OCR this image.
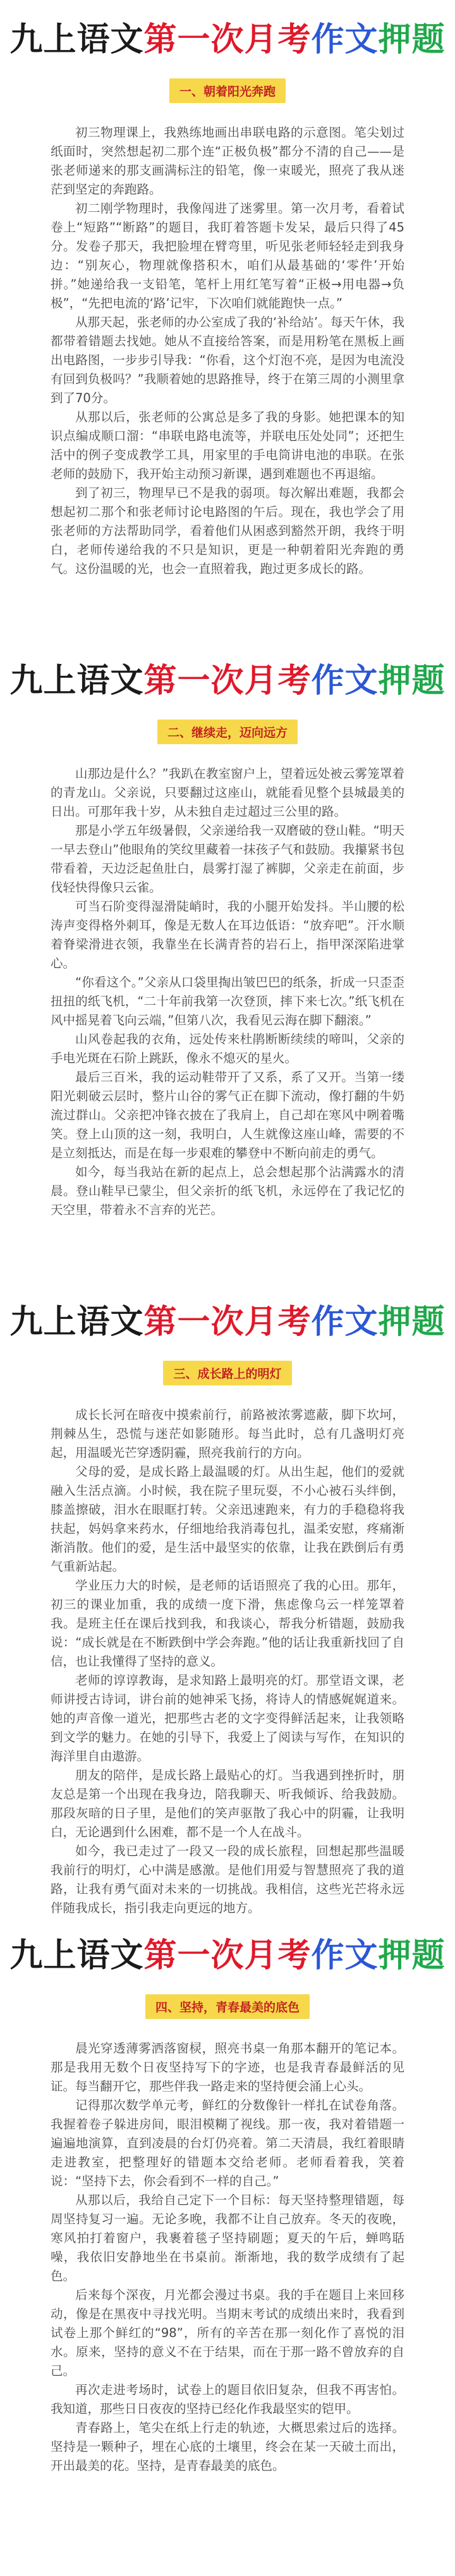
九上语文第一次月考作文押题
一、朝着阳光奔跑

初三物理课上，我熟练地画出串联电路的示意图。笔尖划过纸面时，突然想起初二那个连“正极负极”都分不清的自己——是张老师递来的那支画满标注的铅笔，像一束暖光，照亮了我从迷茫到坚定的奔跑路。

初二刚学物理时，我像闯进了迷雾里。第一次月考，看着试卷上“短路”“断路”的题目，我盯着答题卡发呆，最后只得了45分。发卷子那天，我把脸埋在臂弯里，听见张老师轻轻走到我身边：“别灰心，物理就像搭积木，咱们从最基础的‘零件’开始拼。”她递给我一支铅笔，笔杆上用红笔写着“正极→用电器→负极”，“先把电流的‘路’记牢，下次咱们就能跑快一点。”

从那天起，张老师的办公室成了我的‘补给站’。每天午休，我都带着错题去找她。她从不直接给答案，而是用粉笔在黑板上画出电路图，一步步引导我：“你看，这个灯泡不亮，是因为电流没有回到负极吗？”我顺着她的思路推导，终于在第三周的小测里拿到了70分。

从那以后，张老师的公寓总是多了我的身影。她把课本的知识点编成顺口溜：“串联电路电流等，并联电压处处同”；还把生活中的例子变成教学工具，用家里的手电筒讲电池的串联。在张老师的鼓励下，我开始主动预习新课，遇到难题也不再退缩。

到了初三，物理早已不是我的弱项。每次解出难题，我都会想起初二那个和张老师讨论电路图的午后。现在，我也学会了用张老师的方法帮助同学，看着他们从困惑到豁然开朗，我终于明白，老师传递给我的不只是知识，更是一种朝着阳光奔跑的勇气。这份温暖的光，也会一直照着我，跑过更多成长的路。

九上语文第一次月考作文押题
二、继续走，迈向远方

山那边是什么？”我趴在教室窗户上，望着远处被云雾笼罩着的青龙山。父亲说，只要翻过这座山，就能看见整个县城最美的日出。可那年我十岁，从未独自走过超过三公里的路。

那是小学五年级暑假，父亲递给我一双磨破的登山鞋。“明天一早去登山”他眼角的笑纹里藏着一抹孩子气和鼓励。我攥紧书包带看着，天边泛起鱼肚白，晨雾打湿了裤脚，父亲走在前面，步伐轻快得像只云雀。

可当石阶变得湿滑陡峭时，我的小腿开始发抖。半山腰的松涛声变得格外刺耳，像是无数人在耳边低语：“放弃吧”。汗水顺着脊梁滑进衣领，我靠坐在长满青苔的岩石上，指甲深深陷进掌心。

“你看这个。”父亲从口袋里掏出皱巴巴的纸条，折成一只歪歪扭扭的纸飞机，“二十年前我第一次登顶，摔下来七次。”纸飞机在风中摇晃着飞向云端，”但第八次，我看见云海在脚下翻滚。”

山风卷起我的衣角，远处传来杜鹃断断续续的啼叫，父亲的手电光斑在石阶上跳跃，像永不熄灭的星火。

最后三百米，我的运动鞋带开了又系，系了又开。当第一缕阳光刺破云层时，整片山谷的雾气正在脚下流动，像打翻的牛奶流过群山。父亲把冲锋衣披在了我肩上，自己却在寒风中咧着嘴笑。登上山顶的这一刻，我明白，人生就像这座山峰，需要的不是立刻抵达，而是在每一步艰难的攀登中不断向前走的勇气。

如今，每当我站在新的起点上，总会想起那个沾满露水的清晨。登山鞋早已蒙尘，但父亲折的纸飞机，永远停在了我记忆的天空里，带着永不言弃的光芒。

九上语文第一次月考作文押题
三、成长路上的明灯

成长长河在暗夜中摸索前行，前路被浓雾遮蔽，脚下坎坷，荆棘丛生，恐慌与迷茫如影随形。每当此时，总有几盏明灯亮起，用温暖光芒穿透阴霾，照亮我前行的方向。

父母的爱，是成长路上最温暖的灯。从出生起，他们的爱就融入生活点滴。小时候，我在院子里玩耍，不小心被石头绊倒，膝盖擦破，泪水在眼眶打转。父亲迅速跑来，有力的手稳稳将我扶起，妈妈拿来药水，仔细地给我消毒包扎，温柔安慰，疼痛渐渐消散。他们的爱，是生活中最坚实的依靠，让我在跌倒后有勇气重新站起。

学业压力大的时候，是老师的话语照亮了我的心田。那年，初三的课业加重，我的成绩一度下滑，焦虑像乌云一样笼罩着我。是班主任在课后找到我，和我谈心，帮我分析错题，鼓励我说：“成长就是在不断跌倒中学会奔跑。”他的话让我重新找回了自信，也让我懂得了坚持的意义。

老师的谆谆教诲，是求知路上最明亮的灯。那堂语文课，老师讲授古诗词，讲台前的她神采飞扬，将诗人的情感娓娓道来。她的声音像一道光，把那些古老的文字变得鲜活起来，让我领略到文学的魅力。在她的引导下，我爱上了阅读与写作，在知识的海洋里自由遨游。

朋友的陪伴，是成长路上最贴心的灯。当我遇到挫折时，朋友总是第一个出现在我身边，陪我聊天、听我倾诉、给我鼓励。那段灰暗的日子里，是他们的笑声驱散了我心中的阴霾，让我明白，无论遇到什么困难，都不是一个人在战斗。

如今，我已走过了一段又一段的成长旅程，回想起那些温暖我前行的明灯，心中满是感激。是他们用爱与智慧照亮了我的道路，让我有勇气面对未来的一切挑战。我相信，这些光芒将永远伴随我成长，指引我走向更远的地方。

九上语文第一次月考作文押题
四、坚持，青春最美的底色

晨光穿透薄雾洒落窗棂，照亮书桌一角那本翻开的笔记本。那是我用无数个日夜坚持写下的字迹，也是我青春最鲜活的见证。每当翻开它，那些伴我一路走来的坚持便会涌上心头。

记得那次数学单元考，鲜红的分数像针一样扎在试卷角落。我握着卷子躲进房间，眼泪模糊了视线。那一夜，我对着错题一遍遍地演算，直到凌晨的台灯仍亮着。第二天清晨，我红着眼睛走进教室，把整理好的错题本交给老师。老师看着我，笑着说：“坚持下去，你会看到不一样的自己。”

从那以后，我给自己定下一个目标：每天坚持整理错题，每周坚持复习一遍。无论多晚，我都不让自己放弃。冬天的夜晚，寒风拍打着窗户，我裹着毯子坚持刷题；夏天的午后，蝉鸣聒噪，我依旧安静地坐在书桌前。渐渐地，我的数学成绩有了起色。

后来每个深夜，月光都会漫过书桌。我的手在题目上来回移动，像是在黑夜中寻找光明。当期末考试的成绩出来时，我看到试卷上那个鲜红的“98”，所有的辛苦在那一刻化作了喜悦的泪水。原来，坚持的意义不在于结果，而在于那一路不曾放弃的自己。

再次走进考场时，试卷上的题目依旧复杂，但我不再害怕。我知道，那些日日夜夜的坚持已经化作我最坚实的铠甲。

青春路上，笔尖在纸上行走的轨迹，大概思索过后的选择。坚持是一颗种子，埋在心底的土壤里，终会在某一天破土而出，开出最美的花。坚持，是青春最美的底色。
